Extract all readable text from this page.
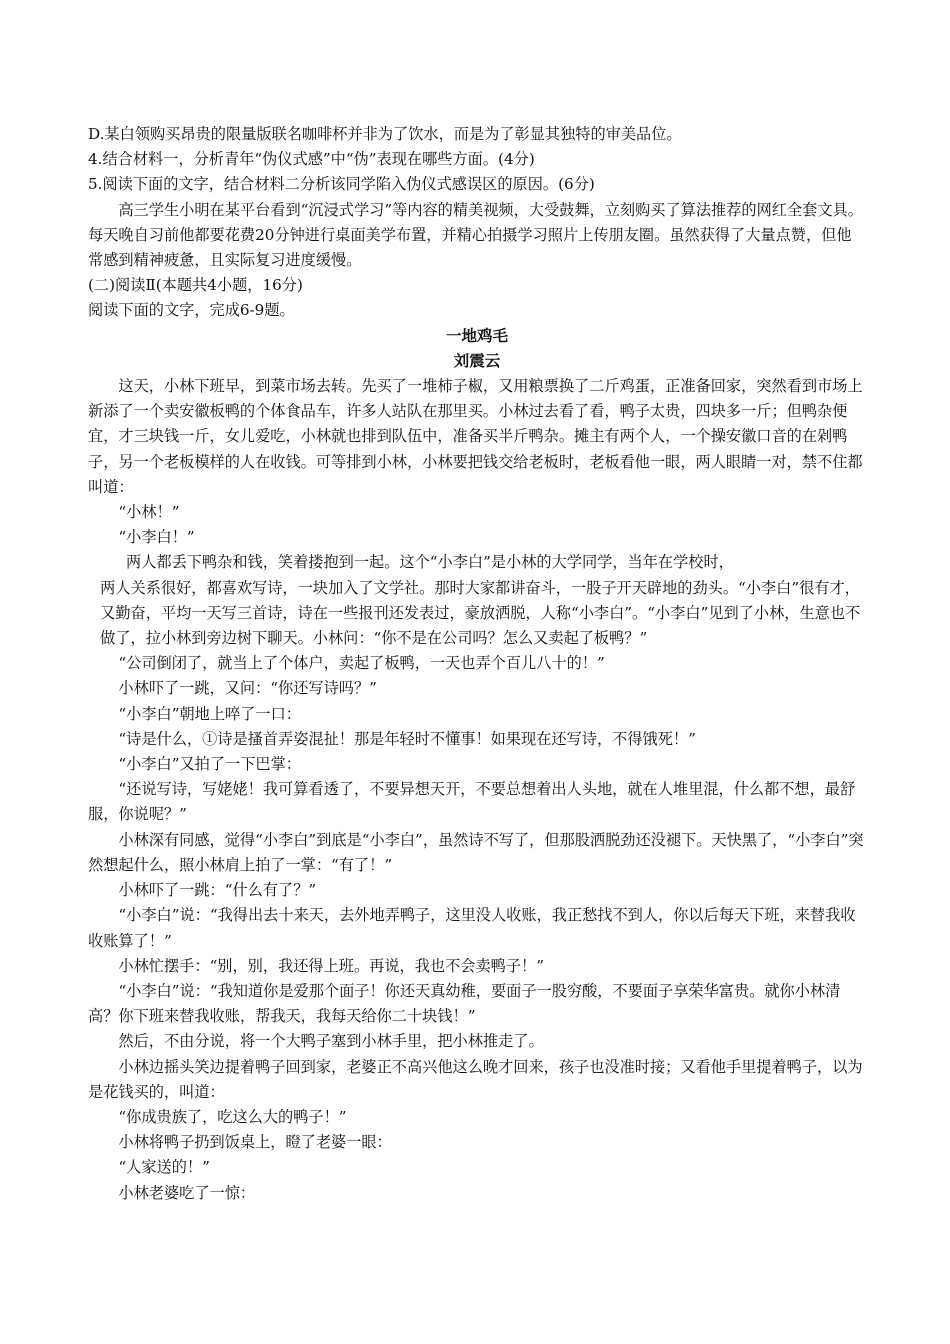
D.某白领购买昂贵的限量版联名咖啡杯并非为了饮水，而是为了彰显其独特的审美品位。

4.结合材料一，分析青年“伪仪式感”中“伪”表现在哪些方面。(4分)

5.阅读下面的文字，结合材料二分析该同学陷入伪仪式感误区的原因。(6分)

高三学生小明在某平台看到“沉浸式学习”等内容的精美视频，大受鼓舞，立刻购买了算法推荐的网红全套文具。每天晚自习前他都要花费20分钟进行桌面美学布置，并精心拍摄学习照片上传朋友圈。虽然获得了大量点赞，但他常感到精神疲惫，且实际复习进度缓慢。

(二)阅读Ⅱ(本题共4小题，16分)

阅读下面的文字，完成6-9题。

一地鸡毛

刘震云

这天，小林下班早，到菜市场去转。先买了一堆柿子椒，又用粮票换了二斤鸡蛋，正准备回家，突然看到市场上新添了一个卖安徽板鸭的个体食品车，许多人站队在那里买。小林过去看了看，鸭子太贵，四块多一斤；但鸭杂便宜，才三块钱一斤，女儿爱吃，小林就也排到队伍中，准备买半斤鸭杂。摊主有两个人，一个操安徽口音的在剁鸭子，另一个老板模样的人在收钱。可等排到小林，小林要把钱交给老板时，老板看他一眼，两人眼睛一对，禁不住都叫道：

“小林！”

“小李白！”

两人都丢下鸭杂和钱，笑着搂抱到一起。这个“小李白”是小林的大学同学，当年在学校时，

两人关系很好，都喜欢写诗，一块加入了文学社。那时大家都讲奋斗，一股子开天辟地的劲头。“小李白”很有才，又勤奋，平均一天写三首诗，诗在一些报刊还发表过，豪放洒脱，人称“小李白”。“小李白”见到了小林，生意也不做了，拉小林到旁边树下聊天。小林问：“你不是在公司吗？怎么又卖起了板鸭？”

“公司倒闭了，就当上了个体户，卖起了板鸭，一天也弄个百儿八十的！”

小林吓了一跳，又问：“你还写诗吗？”

“小李白”朝地上啐了一口：

“诗是什么，①诗是搔首弄姿混扯！那是年轻时不懂事！如果现在还写诗，不得饿死！”

“小李白”又拍了一下巴掌：

“还说写诗，写姥姥！我可算看透了，不要异想天开，不要总想着出人头地，就在人堆里混，什么都不想，最舒服，你说呢？”

小林深有同感，觉得“小李白”到底是“小李白”，虽然诗不写了，但那股洒脱劲还没褪下。天快黑了，“小李白”突然想起什么，照小林肩上拍了一掌：“有了！”

小林吓了一跳：“什么有了？”

“小李白”说：“我得出去十来天，去外地弄鸭子，这里没人收账，我正愁找不到人，你以后每天下班，来替我收收账算了！”

小林忙摆手：“别，别，我还得上班。再说，我也不会卖鸭子！”

“小李白”说：“我知道你是爱那个面子！你还天真幼稚，要面子一股穷酸，不要面子享荣华富贵。就你小林清高？你下班来替我收账，帮我天，我每天给你二十块钱！”

然后，不由分说，将一个大鸭子塞到小林手里，把小林推走了。

小林边摇头笑边提着鸭子回到家，老婆正不高兴他这么晚才回来，孩子也没准时接；又看他手里提着鸭子，以为是花钱买的，叫道：

“你成贵族了，吃这么大的鸭子！”

小林将鸭子扔到饭桌上，瞪了老婆一眼：

“人家送的！”

小林老婆吃了一惊：
